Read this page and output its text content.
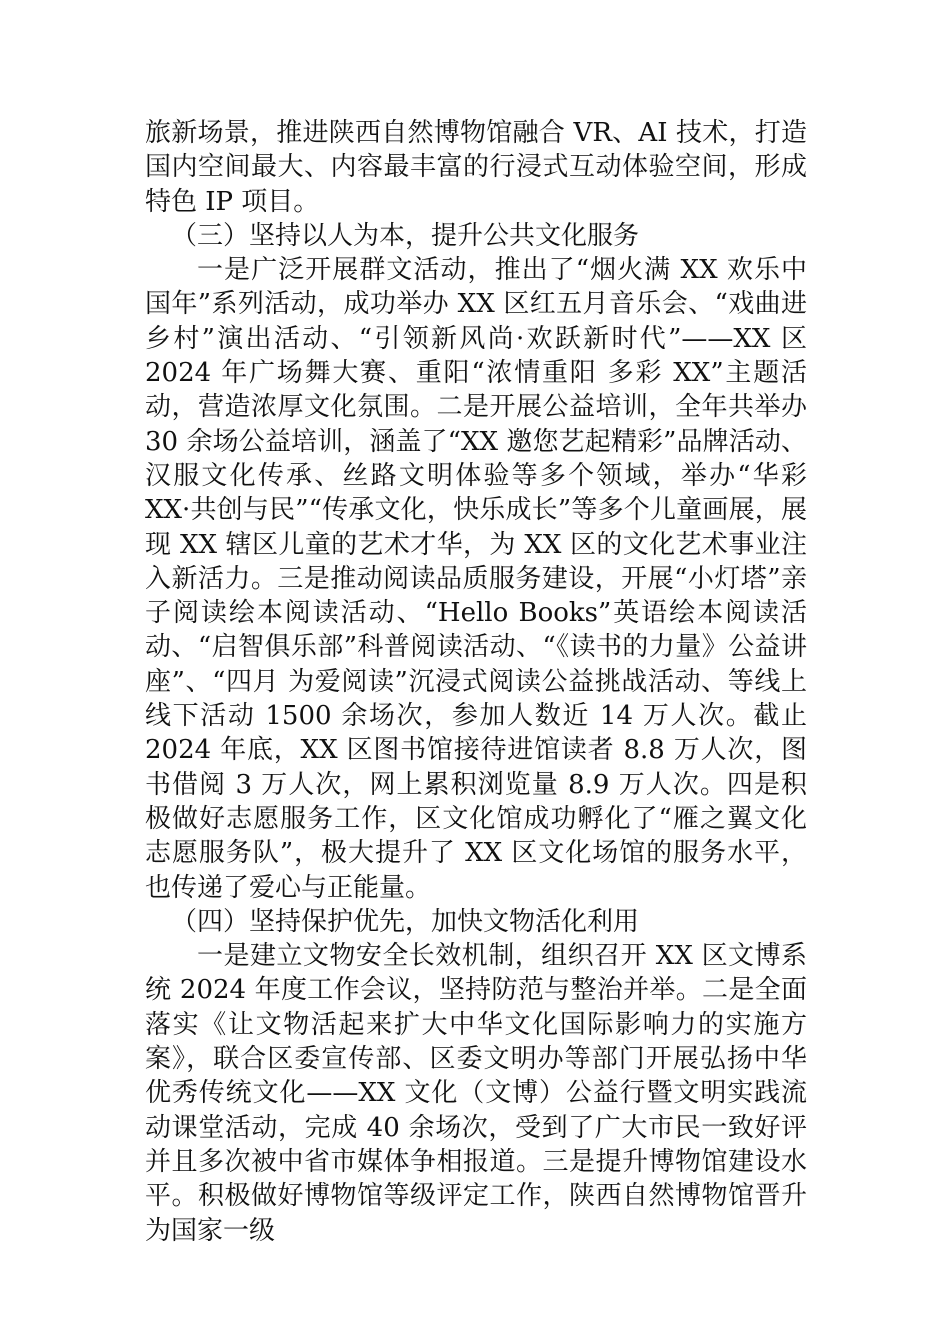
旅新场景，推进陕西自然博物馆融合 VR、AI 技术，打造国内空间最大、内容最丰富的行浸式互动体验空间，形成特色 IP 项目。

（三）坚持以人为本，提升公共文化服务

一是广泛开展群文活动，推出了“烟火满 XX 欢乐中国年”系列活动，成功举办 XX 区红五月音乐会、“戏曲进乡村”演出活动、“引领新风尚·欢跃新时代”——XX 区 2024 年广场舞大赛、重阳“浓情重阳 多彩 XX”主题活动，营造浓厚文化氛围。二是开展公益培训，全年共举办 30 余场公益培训，涵盖了“XX 邀您艺起精彩”品牌活动、汉服文化传承、丝路文明体验等多个领域，举办“华彩 XX·共创与民”“传承文化，快乐成长”等多个儿童画展，展现 XX 辖区儿童的艺术才华，为 XX 区的文化艺术事业注入新活力。三是推动阅读品质服务建设，开展“小灯塔”亲子阅读绘本阅读活动、“Hello Books”英语绘本阅读活动、“启智俱乐部”科普阅读活动、“《读书的力量》公益讲座”、“四月 为爱阅读”沉浸式阅读公益挑战活动、等线上线下活动 1500 余场次，参加人数近 14 万人次。截止 2024 年底，XX 区图书馆接待进馆读者 8.8 万人次，图书借阅 3 万人次，网上累积浏览量 8.9 万人次。四是积极做好志愿服务工作，区文化馆成功孵化了“雁之翼文化志愿服务队”，极大提升了 XX 区文化场馆的服务水平，也传递了爱心与正能量。

（四）坚持保护优先，加快文物活化利用

一是建立文物安全长效机制，组织召开 XX 区文博系统 2024 年度工作会议，坚持防范与整治并举。二是全面落实《让文物活起来扩大中华文化国际影响力的实施方案》，联合区委宣传部、区委文明办等部门开展弘扬中华优秀传统文化——XX 文化（文博）公益行暨文明实践流动课堂活动，完成 40 余场次，受到了广大市民一致好评并且多次被中省市媒体争相报道。三是提升博物馆建设水平。积极做好博物馆等级评定工作，陕西自然博物馆晋升为国家一级
